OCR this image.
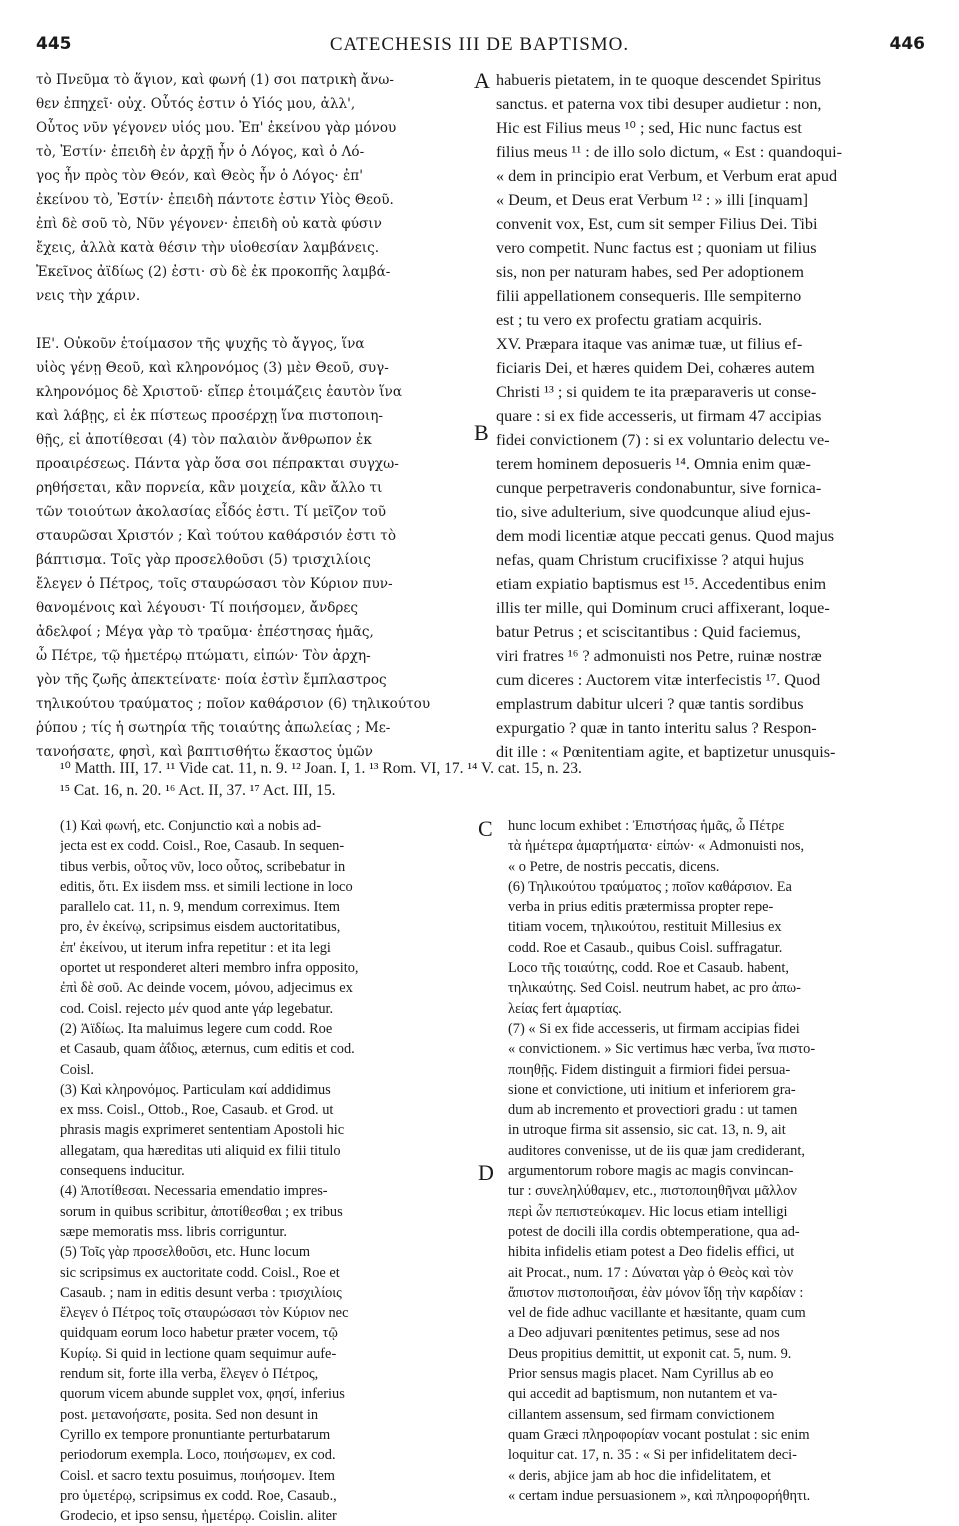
445	CATECHESIS III DE BAPTISMO.	446
τὸ Πνεῦμα τὸ ἅγιον, καὶ φωνή (1) σοι πατρικὴ ἄνω-
θεν ἐπηχεῖ· οὐχ. Οὗτός ἐστιν ὁ Υἱός μου, ἀλλ',
Οὗτος νῦν γέγονεν υἱός μου. Ἐπ' ἐκείνου γὰρ μόνου
τὸ, Ἐστίν· ἐπειδὴ ἐν ἀρχῇ ἦν ὁ Λόγος, καὶ ὁ Λό-
γος ἦν πρὸς τὸν Θεόν, καὶ Θεὸς ἦν ὁ Λόγος· ἐπ'
ἐκείνου τὸ, Ἐστίν· ἐπειδὴ πάντοτε ἐστιν Υἱὸς Θεοῦ.
ἐπὶ δὲ σοῦ τὸ, Νῦν γέγονεν· ἐπειδὴ οὐ κατὰ φύσιν
ἔχεις, ἀλλὰ κατὰ θέσιν τὴν υἱοθεσίαν λαμβάνεις.
Ἐκεῖνος ἀϊδίως (2) ἐστι· σὺ δὲ ἐκ προκοπῆς λαμβά-
νεις τὴν χάριν.
ΙΕ'. Οὐκοῦν ἑτοίμασον τῆς ψυχῆς τὸ ἄγγος, ἵνα
υἱὸς γένῃ Θεοῦ, καὶ κληρονόμος (3) μὲν Θεοῦ, συγ-
κληρονόμος δὲ Χριστοῦ· εἴπερ ἑτοιμάζεις ἑαυτὸν ἵνα
καὶ λάβῃς, εἰ ἐκ πίστεως προσέρχῃ ἵνα πιστοποιη-
θῇς, εἰ ἀποτίθεσαι (4) τὸν παλαιὸν ἄνθρωπον ἐκ
προαιρέσεως. Πάντα γὰρ ὅσα σοι πέπρακται συγχω-
ρηθήσεται, κἂν πορνεία, κἂν μοιχεία, κἂν ἄλλο τι
τῶν τοιούτων ἀκολασίας εἶδός ἐστι. Τί μεῖζον τοῦ
σταυρῶσαι Χριστόν ; Καὶ τούτου καθάρσιόν ἐστι τὸ
βάπτισμα. Τοῖς γὰρ προσελθοῦσι (5) τρισχιλίοις
ἔλεγεν ὁ Πέτρος, τοῖς σταυρώσασι τὸν Κύριον πυν-
θανομένοις καὶ λέγουσι· Τί ποιήσομεν, ἄνδρες
ἀδελφοί ; Μέγα γὰρ τὸ τραῦμα· ἐπέστησας ἡμᾶς,
ὦ Πέτρε, τῷ ἡμετέρῳ πτώματι, εἰπών· Τὸν ἀρχη-
γὸν τῆς ζωῆς ἀπεκτείνατε· ποία ἐστὶν ἔμπλαστρος
τηλικούτου τραύματος ; ποῖον καθάρσιον (6) τηλικούτου
ῥύπου ; τίς ἡ σωτηρία τῆς τοιαύτης ἀπωλείας ; Με-
τανοήσατε, φησὶ, καὶ βαπτισθήτω ἕκαστος ὑμῶν
habueris pietatem, in te quoque descendet Spiritus
sanctus. et paterna vox tibi desuper audietur : non,
Hic est Filius meus ¹⁰ ; sed, Hic nunc factus est
filius meus ¹¹ : de illo solo dictum, « Est : quandoqui-
« dem in principio erat Verbum, et Verbum erat apud
« Deum, et Deus erat Verbum ¹² : » illi [inquam]
convenit vox, Est, cum sit semper Filius Dei. Tibi
vero competit. Nunc factus est ; quoniam ut filius
sis, non per naturam habes, sed Per adoptionem
filii appellationem consequeris. Ille sempiterno
est ; tu vero ex profectu gratiam acquiris.
XV. Præpara itaque vas animæ tuæ, ut filius ef-
ficiaris Dei, et hæres quidem Dei, cohæres autem
Christi ¹³ ; si quidem te ita præparaveris ut conse-
quare : si ex fide accesseris, ut firmam 47 accipias
fidei convictionem (7) : si ex voluntario delectu ve-
terem hominem deposueris ¹⁴. Omnia enim quæ-
cunque perpetraveris condonabuntur, sive fornica-
tio, sive adulterium, sive quodcunque aliud ejus-
dem modi licentiæ atque peccati genus. Quod majus
nefas, quam Christum crucifixisse ? atqui hujus
etiam expiatio baptismus est ¹⁵. Accedentibus enim
illis ter mille, qui Dominum cruci affixerant, loque-
batur Petrus ; et sciscitantibus : Quid faciemus,
viri fratres ¹⁶ ? admonuisti nos Petre, ruinæ nostræ
cum diceres : Auctorem vitæ interfecistis ¹⁷. Quod
emplastrum dabitur ulceri ? quæ tantis sordibus
expurgatio ? quæ in tanto interitu salus ? Respon-
dit ille : « Pœnitentiam agite, et baptizetur unusquis-
A
B
¹⁰ Matth. III, 17. ¹¹ Vide cat. 11, n. 9. ¹² Joan. I, 1. ¹³ Rom. VI, 17. ¹⁴ V. cat. 15, n. 23.
¹⁵ Cat. 16, n. 20. ¹⁶ Act. II, 37. ¹⁷ Act. III, 15.
(1) Καὶ φωνή, etc. Conjunctio καὶ a nobis ad-
jecta est ex codd. Coisl., Roe, Casaub. In sequen-
tibus verbis, οὗτος νῦν, loco οὗτος, scribebatur in
editis, ὅτι. Ex iisdem mss. et simili lectione in loco
parallelo cat. 11, n. 9, mendum correximus. Item
pro, ἐν ἐκείνῳ, scripsimus eisdem auctoritatibus,
ἐπ' ἐκείνου, ut iterum infra repetitur : et ita legi
oportet ut responderet alteri membro infra opposito,
ἐπὶ δὲ σοῦ. Ac deinde vocem, μόνου, adjecimus ex
cod. Coisl. rejecto μέν quod ante γάρ legebatur.
(2) Ἀϊδίως. Ita maluimus legere cum codd. Roe
et Casaub, quam ἀΐδιος, æternus, cum editis et cod.
Coisl.
(3) Καὶ κληρονόμος. Particulam καί addidimus
ex mss. Coisl., Ottob., Roe, Casaub. et Grod. ut
phrasis magis exprimeret sententiam Apostoli hic
allegatam, qua hæreditas uti aliquid ex filii titulo
consequens inducitur.
(4) Ἀποτίθεσαι. Necessaria emendatio impres-
sorum in quibus scribitur, ἀποτίθεσθαι ; ex tribus
sæpe memoratis mss. libris corriguntur.
(5) Τοῖς γὰρ προσελθοῦσι, etc. Hunc locum
sic scripsimus ex auctoritate codd. Coisl., Roe et
Casaub. ; nam in editis desunt verba : τρισχιλίοις
ἔλεγεν ὁ Πέτρος τοῖς σταυρώσασι τὸν Κύριον nec
quidquam eorum loco habetur præter vocem, τῷ
Κυρίῳ. Si quid in lectione quam sequimur aufe-
rendum sit, forte illa verba, ἔλεγεν ὁ Πέτρος,
quorum vicem abunde supplet vox, φησί, inferius
post. μετανοήσατε, posita. Sed non desunt in
Cyrillo ex tempore pronuntiante perturbatarum
periodorum exempla. Loco, ποιήσωμεν, ex cod.
Coisl. et sacro textu posuimus, ποιήσομεν. Item
pro ὑμετέρῳ, scripsimus ex codd. Roe, Casaub.,
Grodecio, et ipso sensu, ἡμετέρῳ. Coislin. aliter
hunc locum exhibet : Ἐπιστήσας ἡμᾶς, ὦ Πέτρε
τὰ ἡμέτερα ἁμαρτήματα· εἰπών· « Admonuisti nos,
« o Petre, de nostris peccatis, dicens.
(6) Τηλικούτου τραύματος ; ποῖον καθάρσιον. Ea
verba in prius editis prætermissa propter repe-
titiam vocem, τηλικούτου, restituit Millesius ex
codd. Roe et Casaub., quibus Coisl. suffragatur.
Loco τῆς τοιαύτης, codd. Roe et Casaub. habent,
τηλικαύτης. Sed Coisl. neutrum habet, ac pro ἀπω-
λείας fert ἁμαρτίας.
(7) « Si ex fide accesseris, ut firmam accipias fidei
« convictionem. » Sic vertimus hæc verba, ἵνα πιστο-
ποιηθῇς. Fidem distinguit a firmiori fidei persua-
sione et convictione, uti initium et inferiorem gra-
dum ab incremento et provectiori gradu : ut tamen
in utroque firma sit assensio, sic cat. 13, n. 9, ait
auditores convenisse, ut de iis quæ jam crediderant,
argumentorum robore magis ac magis convincan-
tur : συνεληλύθαμεν, etc., πιστοποιηθῆναι μᾶλλον
περὶ ὧν πεπιστεύκαμεν. Hic locus etiam intelligi
potest de docili illa cordis obtemperatione, qua ad-
hibita infidelis etiam potest a Deo fidelis effici, ut
ait Procat., num. 17 : Δύναται γὰρ ὁ Θεὸς καὶ τὸν
ἄπιστον πιστοποιῆσαι, ἐὰν μόνον ἴδῃ τὴν καρδίαν :
vel de fide adhuc vacillante et hæsitante, quam cum
a Deo adjuvari pœnitentes petimus, sese ad nos
Deus propitius demittit, ut exponit cat. 5, num. 9.
Prior sensus magis placet. Nam Cyrillus ab eo
qui accedit ad baptismum, non nutantem et va-
cillantem assensum, sed firmam convictionem
quam Græci πληροφορίαν vocant postulat : sic enim
loquitur cat. 17, n. 35 : « Si per infidelitatem deci-
« deris, abjice jam ab hoc die infidelitatem, et
« certam indue persuasionem », καὶ πληροφορήθητι.
C
D
